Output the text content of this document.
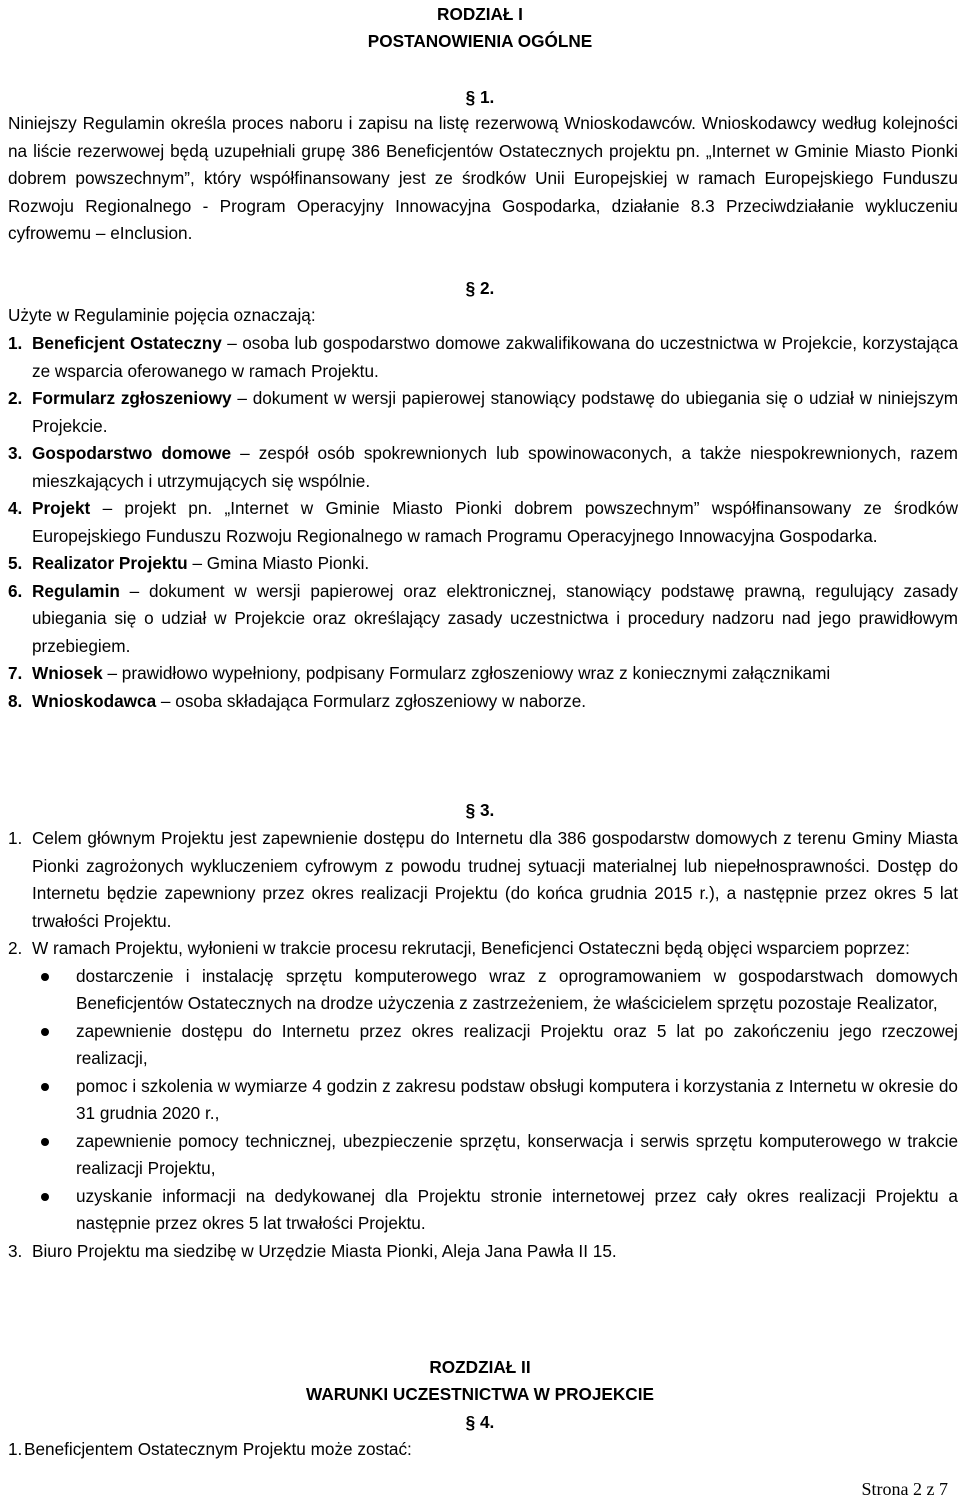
RODZIAŁ I
POSTANOWIENIA OGÓLNE
§ 1.
Niniejszy Regulamin określa proces naboru i zapisu na listę rezerwową Wnioskodawców. Wnioskodawcy według kolejności na liście rezerwowej będą uzupełniali grupę 386 Beneficjentów Ostatecznych projektu pn. „Internet w Gminie Miasto Pionki dobrem powszechnym”, który współfinansowany jest ze środków Unii Europejskiej w ramach Europejskiego Funduszu Rozwoju Regionalnego - Program Operacyjny Innowacyjna Gospodarka, działanie 8.3 Przeciwdziałanie wykluczeniu cyfrowemu – eInclusion.
§ 2.
Użyte w Regulaminie pojęcia oznaczają:
1. Beneficjent Ostateczny – osoba lub gospodarstwo domowe zakwalifikowana do uczestnictwa w Projekcie, korzystająca ze wsparcia oferowanego w ramach Projektu.
2. Formularz zgłoszeniowy – dokument w wersji papierowej stanowiący podstawę do ubiegania się o udział w niniejszym Projekcie.
3. Gospodarstwo domowe – zespół osób spokrewnionych lub spowinowaconych, a także niespokrewnionych, razem mieszkających i utrzymujących się wspólnie.
4. Projekt – projekt pn. „Internet w Gminie Miasto Pionki dobrem powszechnym” współfinansowany ze środków Europejskiego Funduszu Rozwoju Regionalnego w ramach Programu Operacyjnego Innowacyjna Gospodarka.
5. Realizator Projektu – Gmina Miasto Pionki.
6. Regulamin – dokument w wersji papierowej oraz elektronicznej, stanowiący podstawę prawną, regulujący zasady ubiegania się o udział w Projekcie oraz określający zasady uczestnictwa i procedury nadzoru nad jego prawidłowym przebiegiem.
7. Wniosek – prawidłowo wypełniony, podpisany Formularz zgłoszeniowy wraz z koniecznymi załącznikami
8. Wnioskodawca – osoba składająca Formularz zgłoszeniowy w naborze.
§ 3.
1. Celem głównym Projektu jest zapewnienie dostępu do Internetu dla 386 gospodarstw domowych z terenu Gminy Miasta Pionki zagrożonych wykluczeniem cyfrowym z powodu trudnej sytuacji materialnej lub niepełnosprawności. Dostęp do Internetu będzie zapewniony przez okres realizacji Projektu (do końca grudnia 2015 r.), a następnie przez okres 5 lat trwałości Projektu.
2. W ramach Projektu, wyłonieni w trakcie procesu rekrutacji, Beneficjenci Ostateczni będą objęci wsparciem poprzez:
dostarczenie i instalację sprzętu komputerowego wraz z oprogramowaniem w gospodarstwach domowych Beneficjentów Ostatecznych na drodze użyczenia z zastrzeżeniem, że właścicielem sprzętu pozostaje Realizator,
zapewnienie dostępu do Internetu przez okres realizacji Projektu oraz 5 lat po zakończeniu jego rzeczowej realizacji,
pomoc i szkolenia w wymiarze 4 godzin z zakresu podstaw obsługi komputera i korzystania z Internetu w okresie do 31 grudnia 2020 r.,
zapewnienie pomocy technicznej, ubezpieczenie sprzętu, konserwacja i serwis sprzętu komputerowego w trakcie realizacji Projektu,
uzyskanie informacji na dedykowanej dla Projektu stronie internetowej przez cały okres realizacji Projektu a następnie przez okres 5 lat trwałości Projektu.
3. Biuro Projektu ma siedzibę w Urzędzie Miasta Pionki, Aleja Jana Pawła II 15.
ROZDZIAŁ II
WARUNKI UCZESTNICTWA W PROJEKCIE
§ 4.
1. Beneficjentem Ostatecznym Projektu może zostać:
Strona 2 z 7
